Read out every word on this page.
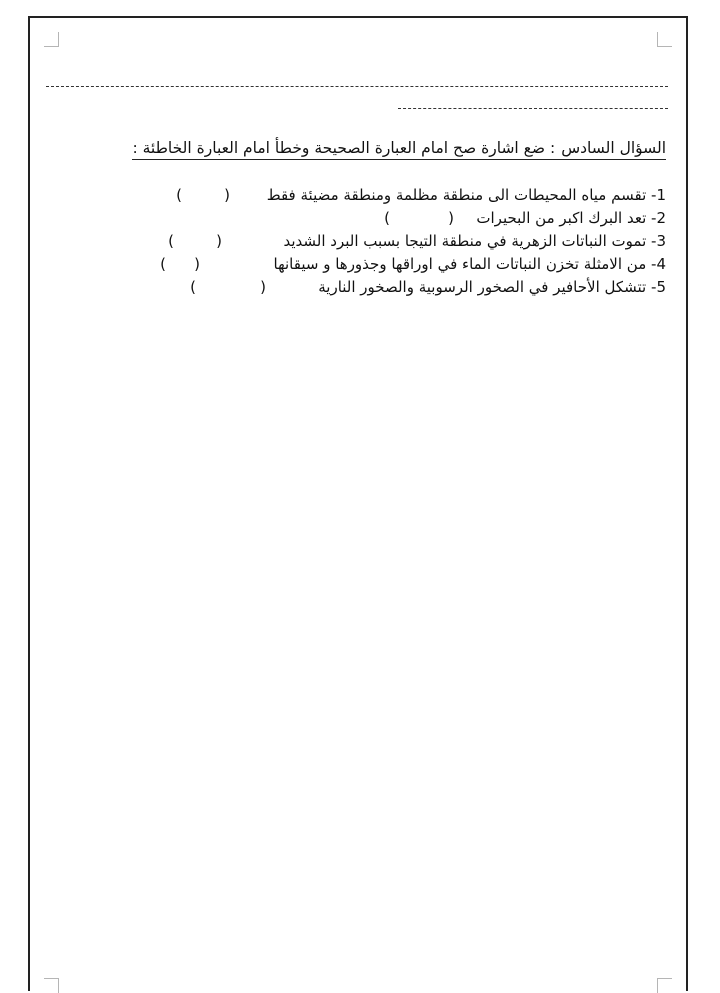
السؤال السادس: ضع اشارة صح امام العبارة الصحيحة وخطأ امام العبارة الخاطئة :
1- تقسم مياه المحيطات الى منطقة مظلمة ومنطقة مضيئة فقط
(
)
2- تعد البرك اكبر من البحيرات
(
)
3- تموت النباتات الزهرية في منطقة التيجا بسبب البرد الشديد
(
)
4- من الامثلة تخزن النباتات الماء في اوراقها وجذورها و سيقانها
(
)
5- تتشكل الأحافير في الصخور الرسوبية والصخور النارية
(
)
